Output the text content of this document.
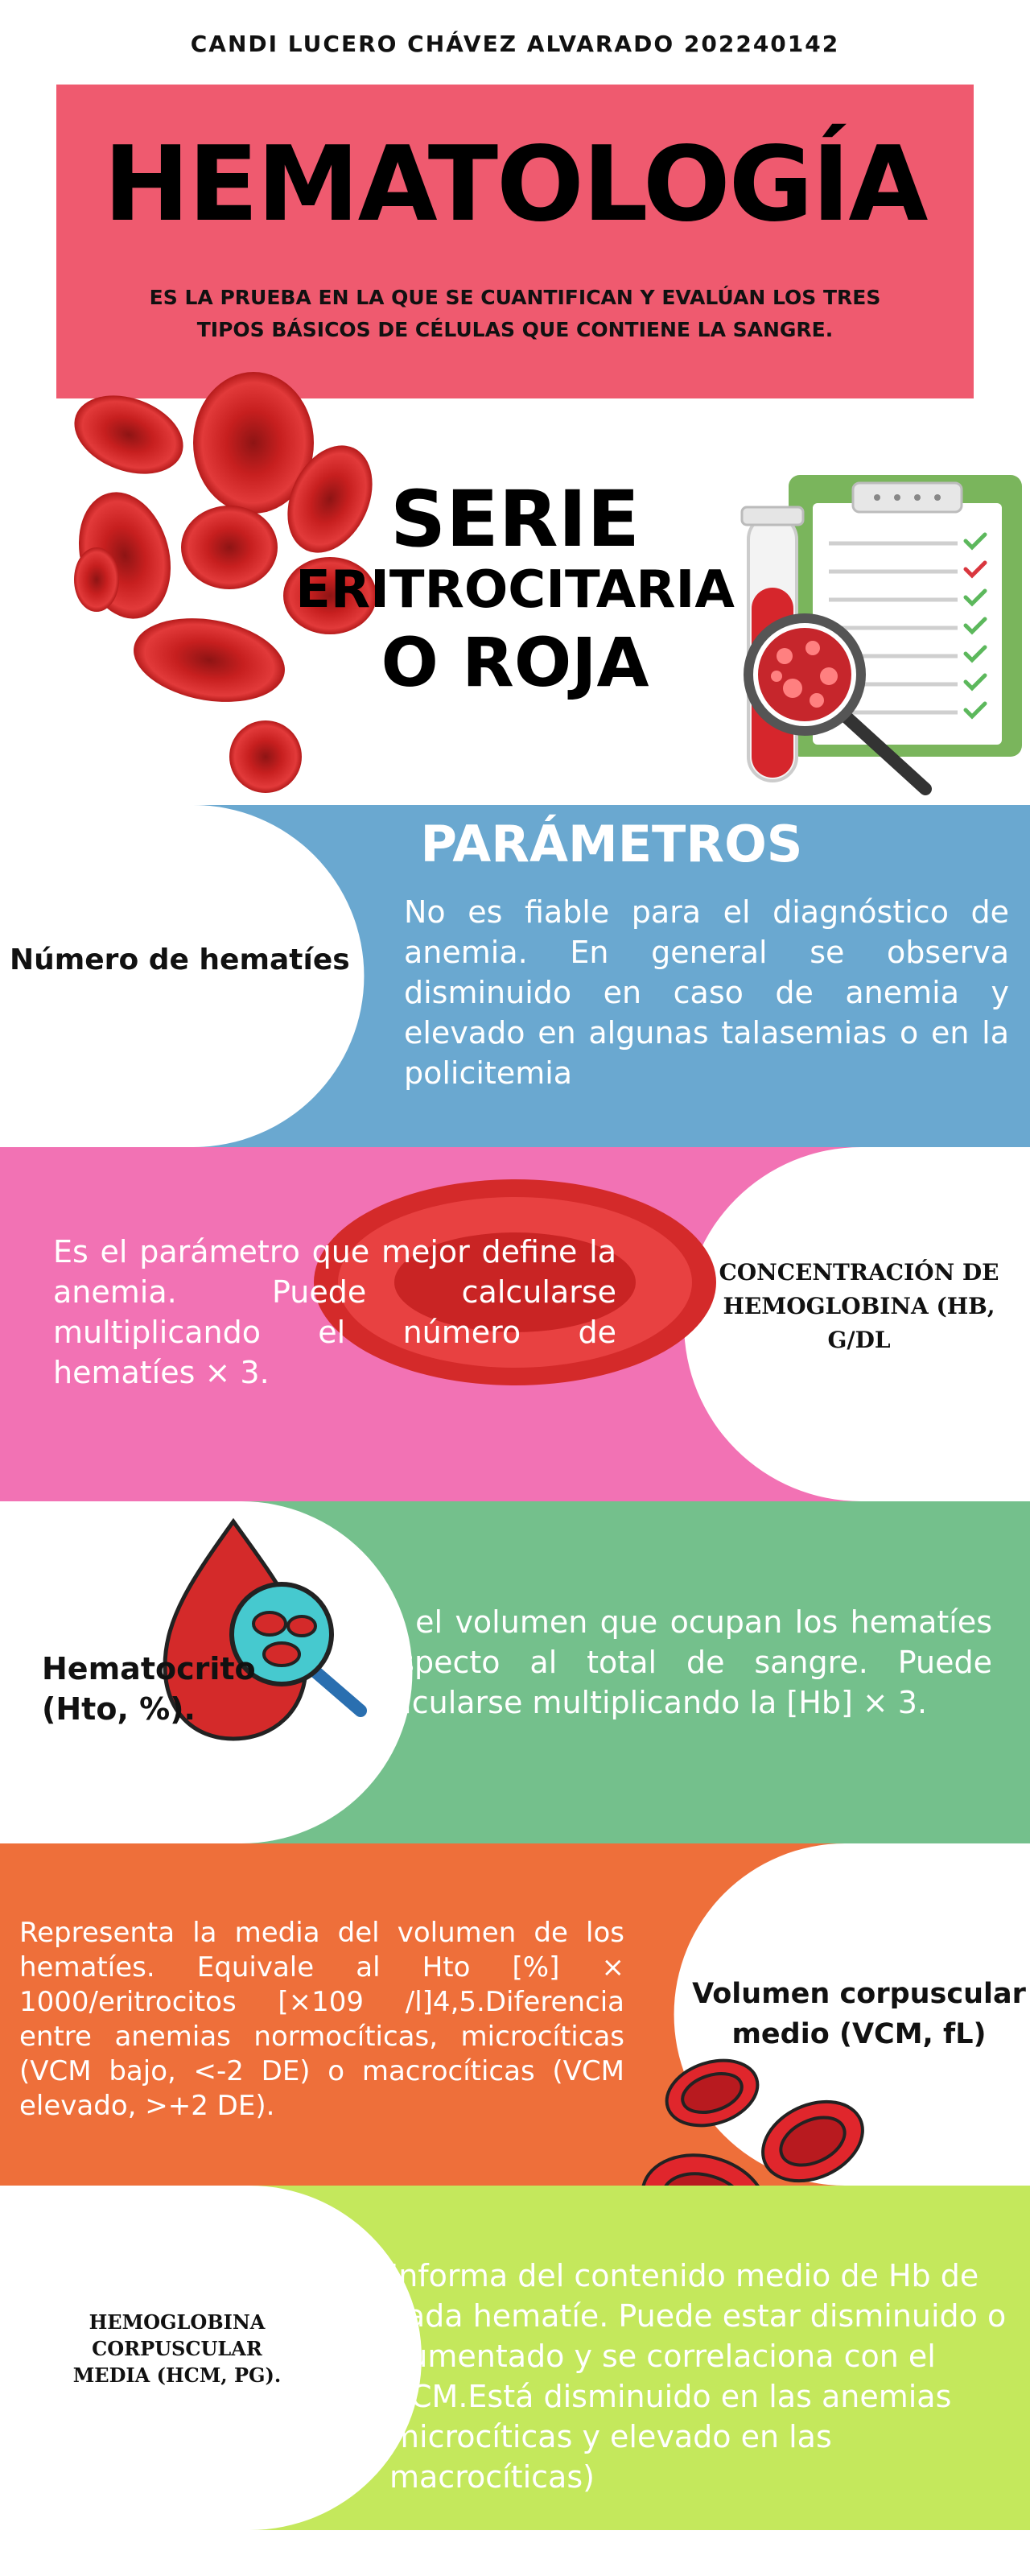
CANDI LUCERO CHÁVEZ ALVARADO 202240142
HEMATOLOGÍA
ES LA PRUEBA EN LA QUE SE CUANTIFICAN Y EVALÚAN LOS TRES
TIPOS BÁSICOS DE CÉLULAS QUE CONTIENE LA SANGRE.
SERIE
ERITROCITARIA
O ROJA
PARÁMETROS
Número de hematíes
No es fiable para el diagnóstico de anemia. En general se observa disminuido en caso de anemia y elevado en algunas talasemias o en la policitemia
Es el parámetro que mejor define la anemia. Puede calcularse multiplicando el número de hematíes × 3.
CONCENTRACIÓN DE
HEMOGLOBINA (HB, G/DL
Hematocrito
(Hto, %).
Es el volumen que ocupan los hematíes respecto al total de sangre. Puede calcularse multiplicando la [Hb] × 3.
Representa la media del volumen de los hematíes. Equivale al Hto [%] × 1000/eritrocitos [×109 /l]4,5.Diferencia entre anemias normocíticas, microcíticas (VCM bajo, <-2 DE) o macrocíticas (VCM elevado, >+2 DE).
Volumen corpuscular
medio (VCM, fL)
HEMOGLOBINA
CORPUSCULAR
MEDIA (HCM, PG).
Informa del contenido medio de Hb de cada hematíe. Puede estar disminuido o aumentado y se correlaciona con el VCM.Está disminuido en las anemias microcíticas y elevado en las macrocíticas)
